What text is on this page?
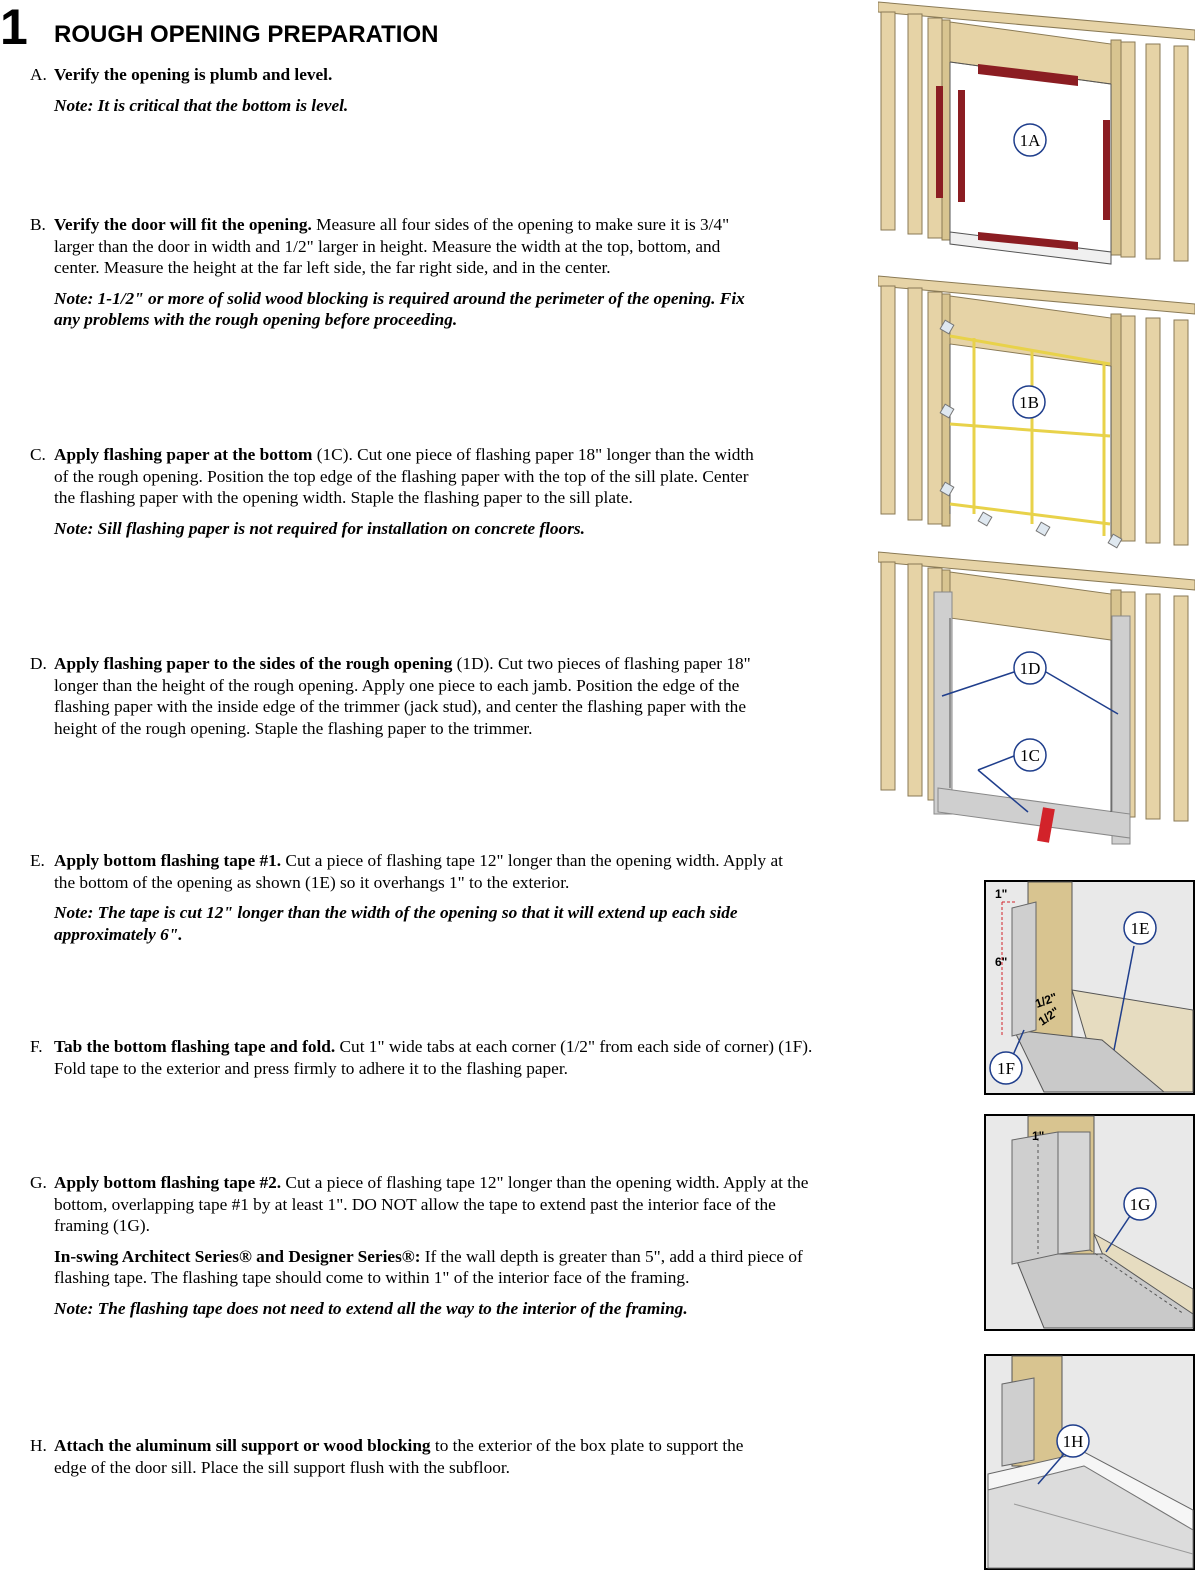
1 ROUGH OPENING PREPARATION
A. Verify the opening is plumb and level.

Note: It is critical that the bottom is level.

B. Verify the door will fit the opening. Measure all four sides of the opening to make sure it is 3/4" larger than the door in width and 1/2" larger in height. Measure the width at the top, bottom, and center. Measure the height at the far left side, the far right side, and in the center.

Note: 1-1/2" or more of solid wood blocking is required around the perimeter of the opening. Fix any problems with the rough opening before proceeding.

C. Apply flashing paper at the bottom (1C). Cut one piece of flashing paper 18" longer than the width of the rough opening. Position the top edge of the flashing paper with the top of the sill plate. Center the flashing paper with the opening width. Staple the flashing paper to the sill plate.

Note: Sill flashing paper is not required for installation on concrete floors.

D. Apply flashing paper to the sides of the rough opening (1D). Cut two pieces of flashing paper 18" longer than the height of the rough opening. Apply one piece to each jamb. Position the edge of the flashing paper with the inside edge of the trimmer (jack stud), and center the flashing paper with the height of the rough opening. Staple the flashing paper to the trimmer.

E. Apply bottom flashing tape #1. Cut a piece of flashing tape 12" longer than the opening width. Apply at the bottom of the opening as shown (1E) so it overhangs 1" to the exterior.

Note: The tape is cut 12" longer than the width of the opening so that it will extend up each side approximately 6".

F. Tab the bottom flashing tape and fold. Cut 1" wide tabs at each corner (1/2" from each side of corner) (1F). Fold tape to the exterior and press firmly to adhere it to the flashing paper.

G. Apply bottom flashing tape #2. Cut a piece of flashing tape 12" longer than the opening width. Apply at the bottom, overlapping tape #1 by at least 1". DO NOT allow the tape to extend past the interior face of the framing (1G).

In-swing Architect Series® and Designer Series®: If the wall depth is greater than 5", add a third piece of flashing tape. The flashing tape should come to within 1" of the interior face of the framing.

Note: The flashing tape does not need to extend all the way to the interior of the framing.

H. Attach the aluminum sill support or wood blocking to the exterior of the box plate to support the edge of the door sill. Place the sill support flush with the subfloor.

1A
1B
1D
1C
1"
6"
1/2"
1/2"
1E
1F
1"
1G
1H
